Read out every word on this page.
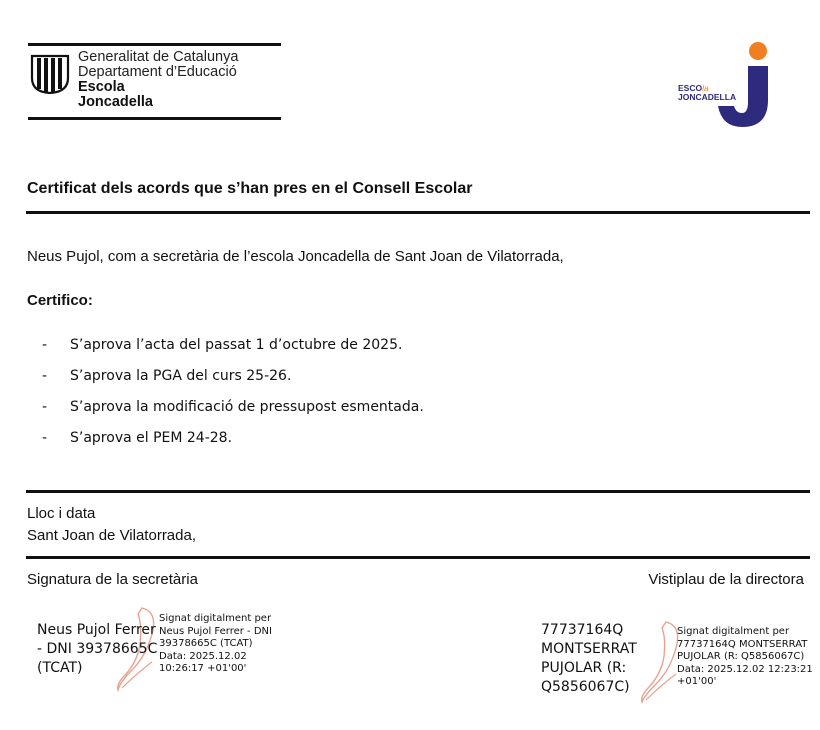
Generalitat de Catalunya
Departament d’Educació
Escola
Joncadella
ESCOla
JONCADELLA
Certificat dels acords que s’han pres en el Consell Escolar
Neus Pujol, com a secretària de l’escola Joncadella de Sant Joan de Vilatorrada,
Certifico:
- S’aprova l’acta del passat 1 d’octubre de 2025.
- S’aprova la PGA del curs 25-26.
- S’aprova la modificació de pressupost esmentada.
- S’aprova el PEM 24-28.
Lloc i data
Sant Joan de Vilatorrada,
Signatura de la secretària	Vistiplau de la directora
Neus Pujol Ferrer
- DNI 39378665C
(TCAT)
Signat digitalment per
Neus Pujol Ferrer - DNI
39378665C (TCAT)
Data: 2025.12.02
10:26:17 +01'00'
77737164Q
MONTSERRAT
PUJOLAR (R:
Q5856067C)
Signat digitalment per
77737164Q MONTSERRAT
PUJOLAR (R: Q5856067C)
Data: 2025.12.02 12:23:21
+01'00'
